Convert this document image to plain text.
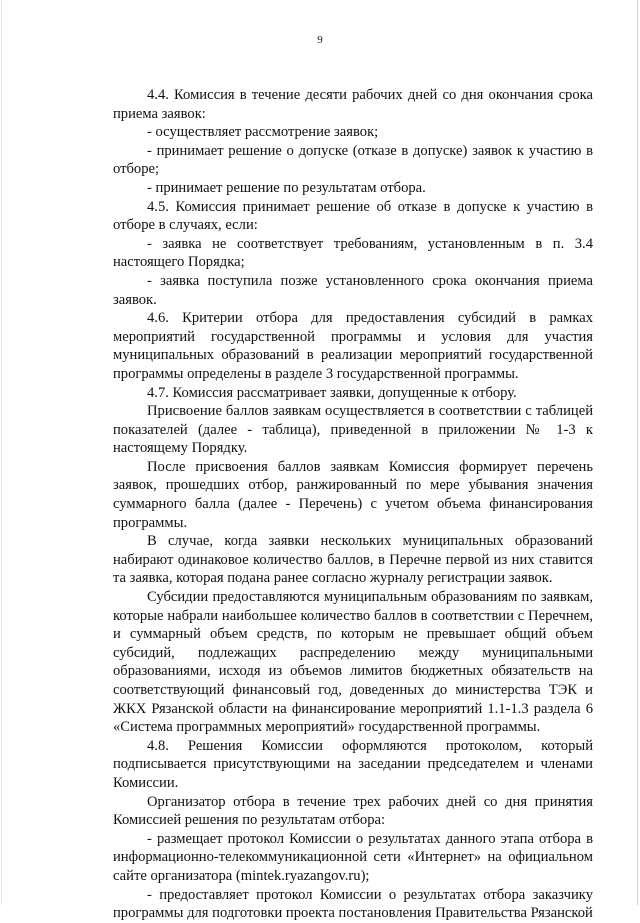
9

4.4. Комиссия в течение десяти рабочих дней со дня окончания срока приема заявок:

- осуществляет рассмотрение заявок;

- принимает решение о допуске (отказе в допуске) заявок к участию в отборе;

- принимает решение по результатам отбора.

4.5. Комиссия принимает решение об отказе в допуске к участию в отборе в случаях, если:

- заявка не соответствует требованиям, установленным в п. 3.4 настоящего Порядка;

- заявка поступила позже установленного срока окончания приема заявок.

4.6. Критерии отбора для предоставления субсидий в рамках мероприятий государственной программы и условия для участия муниципальных образований в реализации мероприятий государственной программы определены в разделе 3 государственной программы.

4.7. Комиссия рассматривает заявки, допущенные к отбору.

Присвоение баллов заявкам осуществляется в соответствии с таблицей показателей (далее - таблица), приведенной в приложении № 1-3 к настоящему Порядку.

После присвоения баллов заявкам Комиссия формирует перечень заявок, прошедших отбор, ранжированный по мере убывания значения суммарного балла (далее - Перечень) с учетом объема финансирования программы.

В случае, когда заявки нескольких муниципальных образований набирают одинаковое количество баллов, в Перечне первой из них ставится та заявка, которая подана ранее согласно журналу регистрации заявок.

Субсидии предоставляются муниципальным образованиям по заявкам, которые набрали наибольшее количество баллов в соответствии с Перечнем, и суммарный объем средств, по которым не превышает общий объем субсидий, подлежащих распределению между муниципальными образованиями, исходя из объемов лимитов бюджетных обязательств на соответствующий финансовый год, доведенных до министерства ТЭК и ЖКХ Рязанской области на финансирование мероприятий 1.1-1.3 раздела 6 «Система программных мероприятий» государственной программы.

4.8. Решения Комиссии оформляются протоколом, который подписывается присутствующими на заседании председателем и членами Комиссии.

Организатор отбора в течение трех рабочих дней со дня принятия Комиссией решения по результатам отбора:

- размещает протокол Комиссии о результатах данного этапа отбора в информационно-телекоммуникационной сети «Интернет» на официальном сайте организатора (mintek.ryazangov.ru);

- предоставляет протокол Комиссии о результатах отбора заказчику программы для подготовки проекта постановления Правительства Рязанской
